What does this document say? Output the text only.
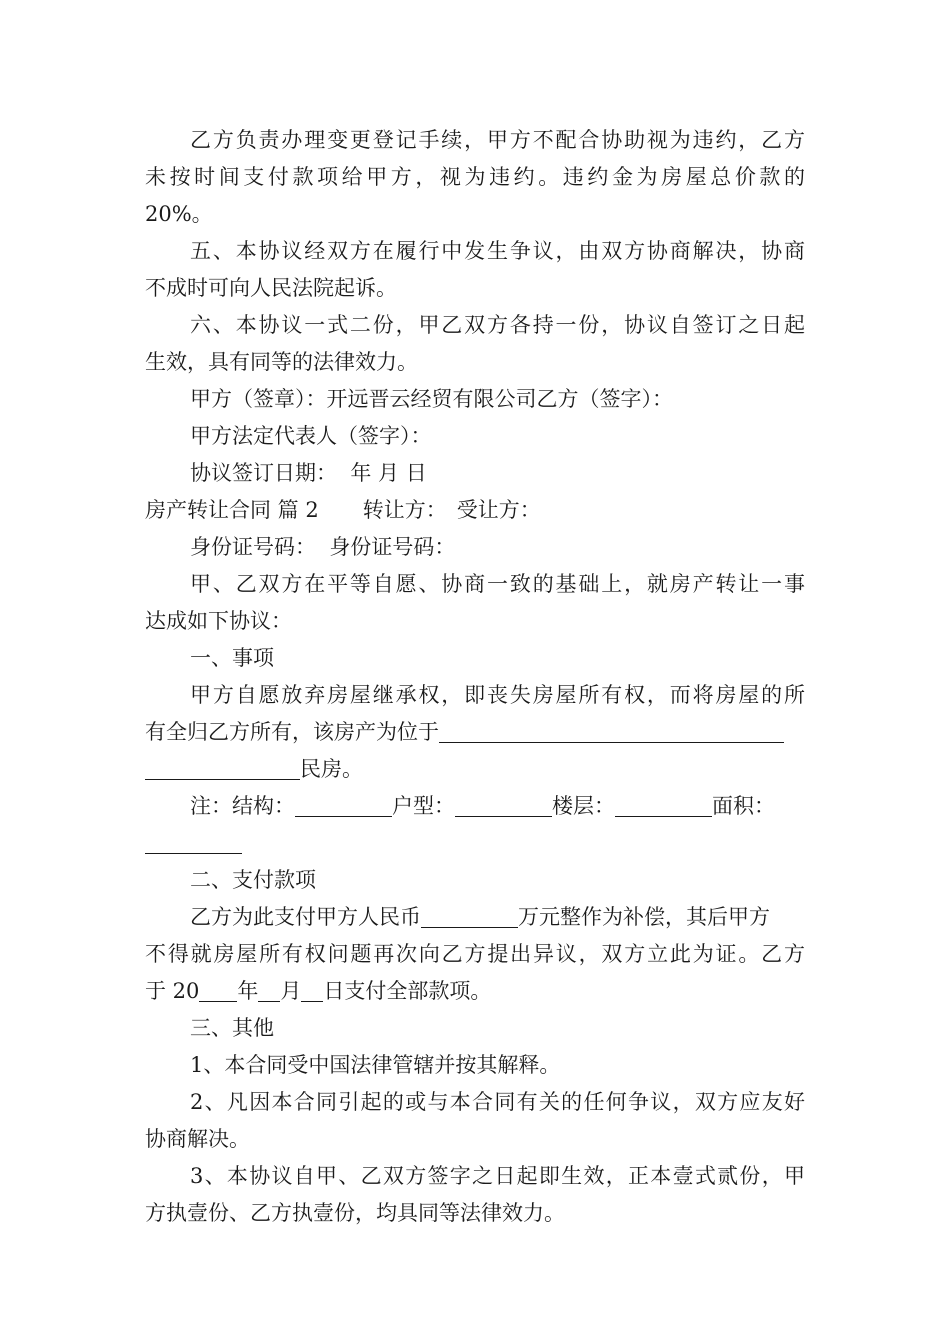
乙方负责办理变更登记手续，甲方不配合协助视为违约，乙方
未按时间支付款项给甲方，视为违约。违约金为房屋总价款的
20%。
五、本协议经双方在履行中发生争议，由双方协商解决，协商
不成时可向人民法院起诉。
六、本协议一式二份，甲乙双方各持一份，协议自签订之日起
生效，具有同等的法律效力。
甲方（签章）：开远晋云经贸有限公司乙方（签字）：
甲方法定代表人（签字）：
协议签订日期：  年 月 日
房产转让合同 篇 2 转让方： 受让方：
身份证号码：  身份证号码：
甲、乙双方在平等自愿、协商一致的基础上，就房产转让一事
达成如下协议：
一、事项
甲方自愿放弃房屋继承权，即丧失房屋所有权，而将房屋的所
有全归乙方所有，该房产为位于
民房。
注：结构：	户型：	楼层：	面积：
二、支付款项
乙方为此支付甲方人民币	万元整作为补偿，其后甲方
不得就房屋所有权问题再次向乙方提出异议，双方立此为证。乙方
于 20 年 月 日支付全部款项。
三、其他
1、本合同受中国法律管辖并按其解释。
2、凡因本合同引起的或与本合同有关的任何争议，双方应友好
协商解决。
3、本协议自甲、乙双方签字之日起即生效，正本壹式贰份，甲
方执壹份、乙方执壹份，均具同等法律效力。
